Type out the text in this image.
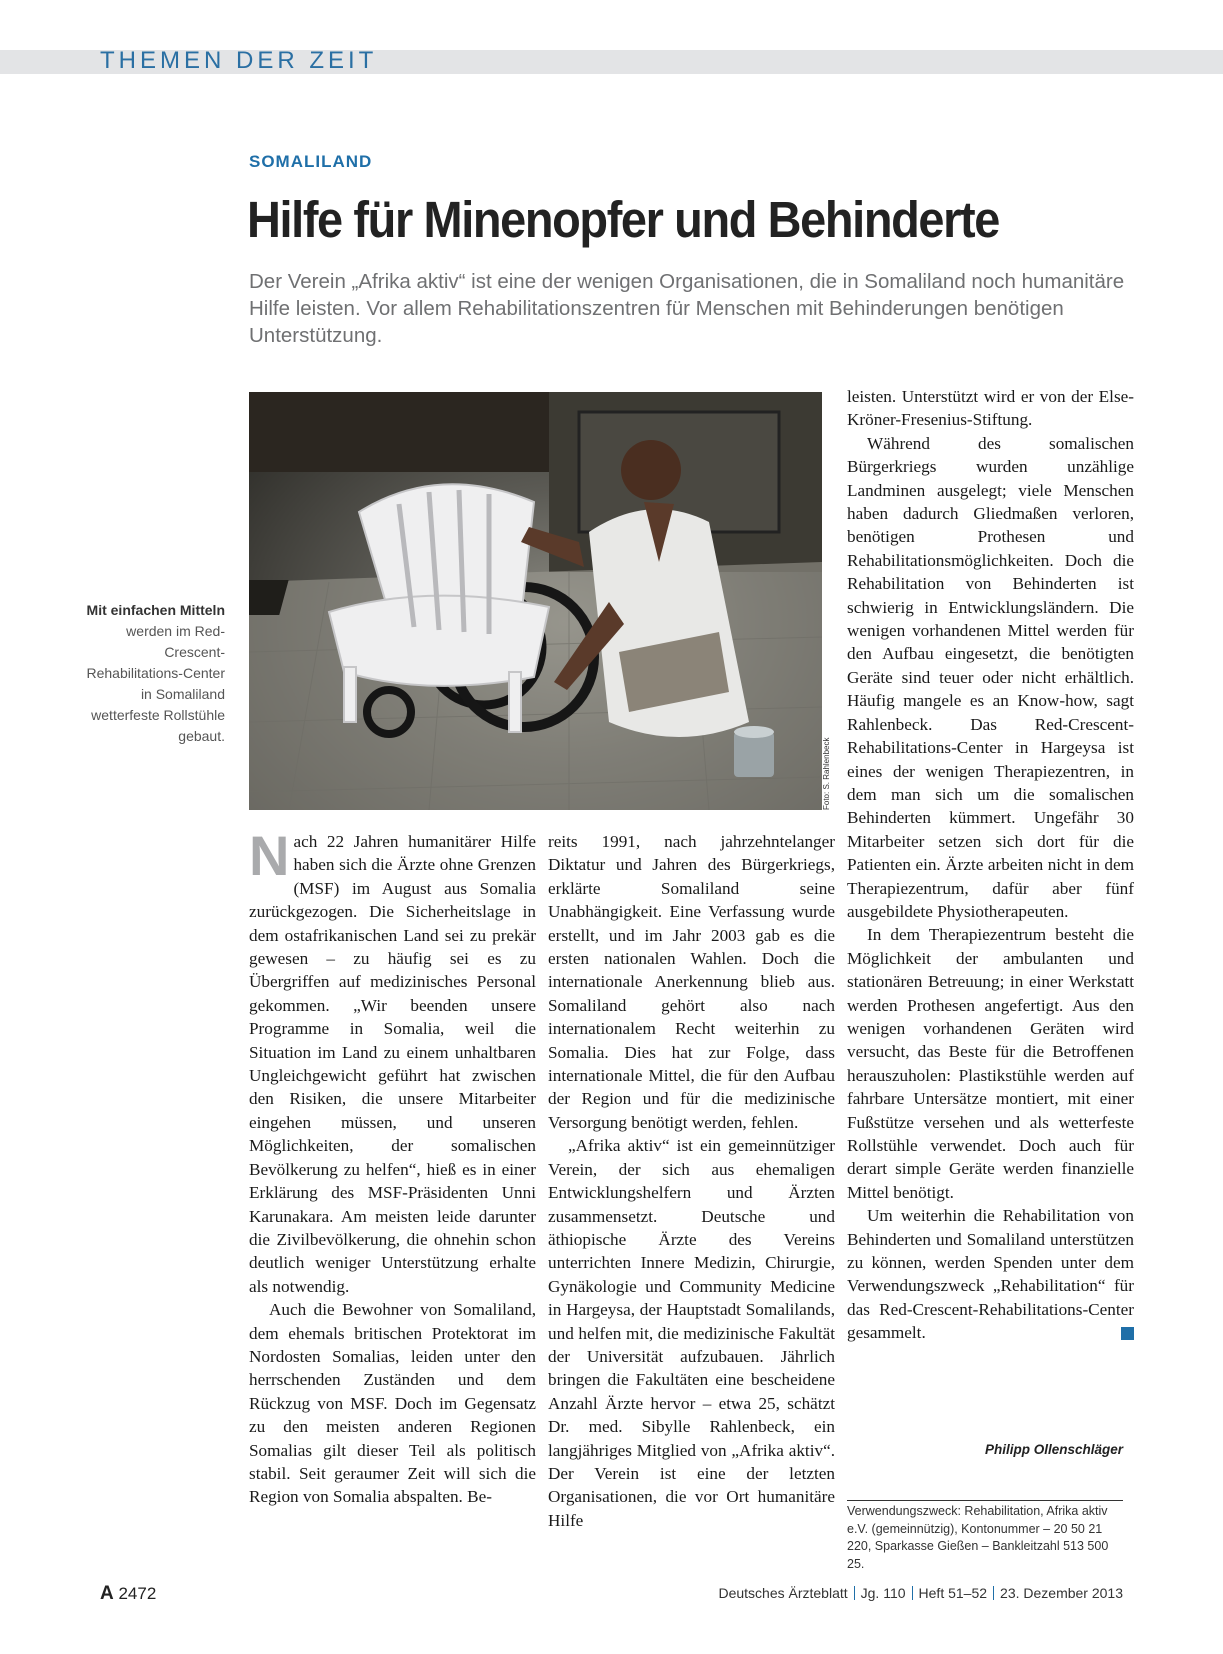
THEMEN DER ZEIT
SOMALILAND
Hilfe für Minenopfer und Behinderte
Der Verein „Afrika aktiv“ ist eine der wenigen Organisationen, die in Somaliland noch humanitäre Hilfe leisten. Vor allem Rehabilitationszentren für Menschen mit Behinderungen benötigen Unterstützung.
Foto: S. Rahlenbeck
Mit einfachen Mitteln werden im Red-Crescent-Rehabilitations-Center in Somaliland wetterfeste Rollstühle gebaut.

Nach 22 Jahren humanitärer Hilfe haben sich die Ärzte ohne Grenzen (MSF) im August aus Somalia zurückgezogen. Die Sicherheitslage in dem ostafrikanischen Land sei zu prekär gewesen – zu häufig sei es zu Übergriffen auf medizinisches Personal gekommen. „Wir beenden unsere Programme in Somalia, weil die Situation im Land zu einem unhaltbaren Ungleichgewicht geführt hat zwischen den Risiken, die unsere Mitarbeiter eingehen müssen, und unseren Möglichkeiten, der somalischen Bevölkerung zu helfen“, hieß es in einer Erklärung des MSF-Präsidenten Unni Karunakara. Am meisten leide darunter die Zivilbevölkerung, die ohnehin schon deutlich weniger Unterstützung erhalte als notwendig.

Auch die Bewohner von Somaliland, dem ehemals britischen Protektorat im Nordosten Somalias, leiden unter den herrschenden Zuständen und dem Rückzug von MSF. Doch im Gegensatz zu den meisten anderen Regionen Somalias gilt dieser Teil als politisch stabil. Seit geraumer Zeit will sich die Region von Somalia abspalten. Be-

reits 1991, nach jahrzehntelanger Diktatur und Jahren des Bürgerkriegs, erklärte Somaliland seine Unabhängigkeit. Eine Verfassung wurde erstellt, und im Jahr 2003 gab es die ersten nationalen Wahlen. Doch die internationale Anerkennung blieb aus. Somaliland gehört also nach internationalem Recht weiterhin zu Somalia. Dies hat zur Folge, dass internationale Mittel, die für den Aufbau der Region und für die medizinische Versorgung benötigt werden, fehlen.

„Afrika aktiv“ ist ein gemeinnütziger Verein, der sich aus ehemaligen Entwicklungshelfern und Ärzten zusammensetzt. Deutsche und äthiopische Ärzte des Vereins unterrichten Innere Medizin, Chirurgie, Gynäkologie und Community Medicine in Hargeysa, der Hauptstadt Somalilands, und helfen mit, die medizinische Fakultät der Universität aufzubauen. Jährlich bringen die Fakultäten eine bescheidene Anzahl Ärzte hervor – etwa 25, schätzt Dr. med. Sibylle Rahlenbeck, ein langjähriges Mitglied von „Afrika aktiv“. Der Verein ist eine der letzten Organisationen, die vor Ort humanitäre Hilfe

leisten. Unterstützt wird er von der Else-Kröner-Fresenius-Stiftung.

Während des somalischen Bürgerkriegs wurden unzählige Landminen ausgelegt; viele Menschen haben dadurch Gliedmaßen verloren, benötigen Prothesen und Rehabilitationsmöglichkeiten. Doch die Rehabilitation von Behinderten ist schwierig in Entwicklungsländern. Die wenigen vorhandenen Mittel werden für den Aufbau eingesetzt, die benötigten Geräte sind teuer oder nicht erhältlich. Häufig mangele es an Know-how, sagt Rahlenbeck. Das Red-Crescent-Rehabilitations-Center in Hargeysa ist eines der wenigen Therapiezentren, in dem man sich um die somalischen Behinderten kümmert. Ungefähr 30 Mitarbeiter setzen sich dort für die Patienten ein. Ärzte arbeiten nicht in dem Therapiezentrum, dafür aber fünf ausgebildete Physiotherapeuten.

In dem Therapiezentrum besteht die Möglichkeit der ambulanten und stationären Betreuung; in einer Werkstatt werden Prothesen angefertigt. Aus den wenigen vorhandenen Geräten wird versucht, das Beste für die Betroffenen herauszuholen: Plastikstühle werden auf fahrbare Untersätze montiert, mit einer Fußstütze versehen und als wetterfeste Rollstühle verwendet. Doch auch für derart simple Geräte werden finanzielle Mittel benötigt.

Um weiterhin die Rehabilitation von Behinderten und Somaliland unterstützen zu können, werden Spenden unter dem Verwendungszweck „Rehabilitation“ für das Red-Crescent-Rehabilitations-Center gesammelt.

Philipp Ollenschläger
Verwendungszweck: Rehabilitation, Afrika aktiv e.V. (gemeinnützig), Kontonummer – 20 50 21 220, Sparkasse Gießen – Bankleitzahl 513 500 25.
A 2472	Deutsches Ärzteblatt Jg. 110 Heft 51–52 23. Dezember 2013
